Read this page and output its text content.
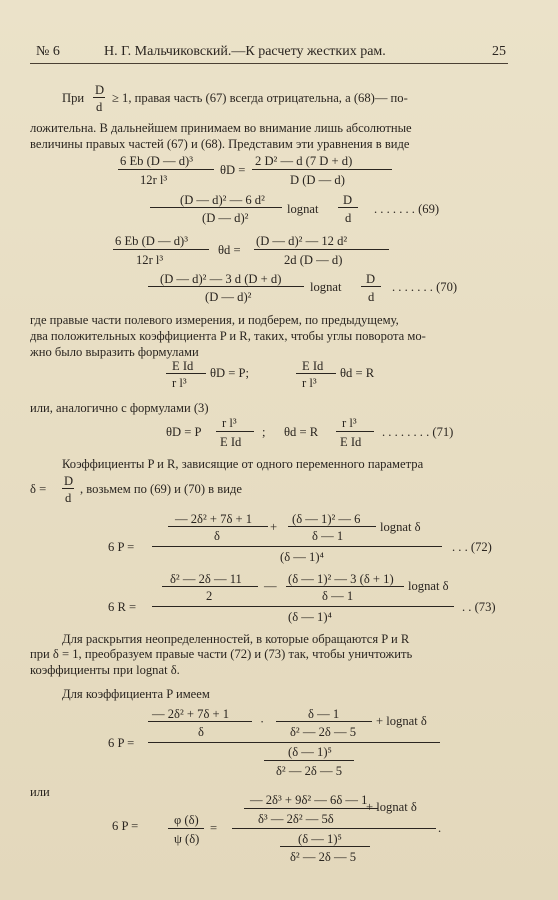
№ 6	Н. Г. Мальчиковский.—К расчету жестких рам.	25
При
D
d
≥ 1, правая часть (67) всегда отрицательна, а (68)— по-
ложительна. В дальнейшем принимаем во внимание лишь абсолютные
величины правых частей (67) и (68). Представим эти уравнения в виде
6 Eb (D — d)³
12r l³
θD =
2 D² — d (7 D + d)
D (D — d)
(D — d)² — 6 d²
(D — d)²
lognat
D
d
. . . . . . . (69)
6 Eb (D — d)³
12r l³
θd =
(D — d)² — 12 d²
2d (D — d)
(D — d)² — 3 d (D + d)
(D — d)²
lognat
D
d
. . . . . . . (70)
где правые части полевого измерения, и подберем, по предыдущему,
два положительных коэффициента P и R, таких, чтобы углы поворота мо-
жно было выразить формулами
E Id
r l³
θD = P;	E Id
r l³
θd = R
или, аналогично с формулами (3)
θD = P
r l³
E Id
; θd = R
r l³
E Id
. . . . . . . . (71)
Коэффициенты P и R, зависящие от одного переменного параметра
δ =
D
d
, возьмем по (69) и (70) в виде
— 2δ² + 7δ + 1
δ
+
(δ — 1)² — 6
δ — 1
lognat δ
6 P =
(δ — 1)⁴
. . . (72)
δ² — 2δ — 11
2
— (δ — 1)² — 3 (δ + 1)
δ — 1
lognat δ
6 R =
(δ — 1)⁴
. . (73)
Для раскрытия неопределенностей, в которые обращаются P и R
при δ = 1, преобразуем правые части (72) и (73) так, чтобы уничтожить
коэффициенты при lognat δ.
Для коэффициента P имеем
— 2δ² + 7δ + 1
δ
·
δ — 1
δ² — 2δ — 5
+ lognat δ
6 P =
(δ — 1)⁵
δ² — 2δ — 5
или
6 P =	φ (δ)
ψ (δ)
=
— 2δ³ + 9δ² — 6δ — 1
δ³ — 2δ² — 5δ
+ lognat δ
(δ — 1)⁵
δ² — 2δ — 5
.
